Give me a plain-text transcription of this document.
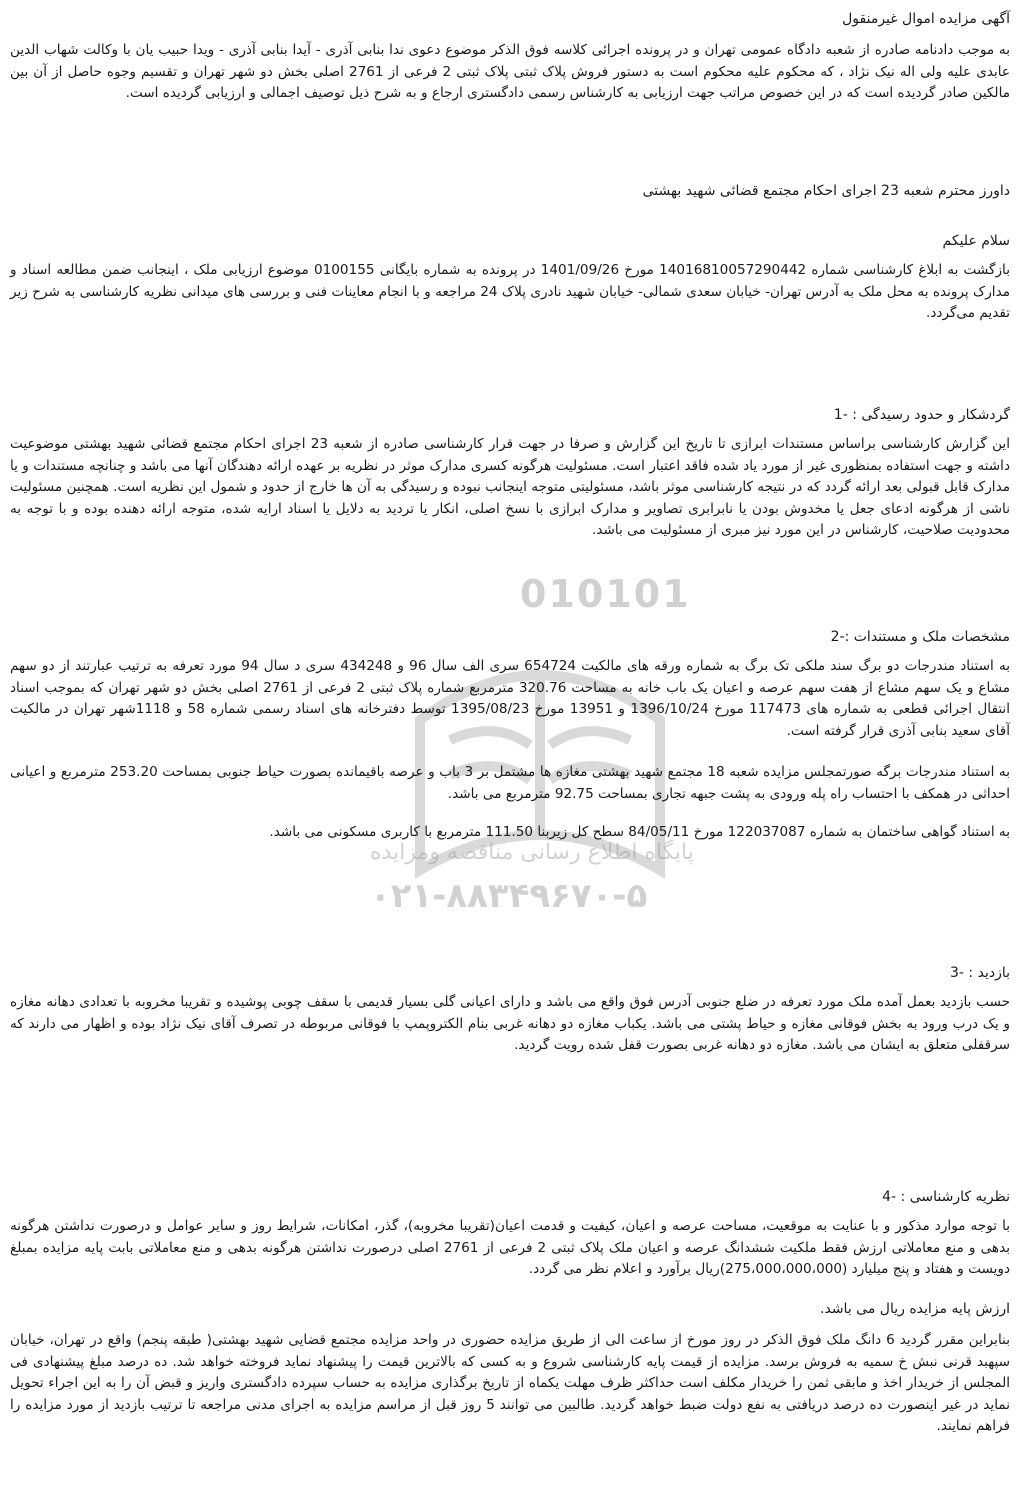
010101
پایگاه اطلاع رسانی مناقصه ومزایده
۰۲۱-۸۸۳۴۹۶۷۰-۵

آگهی مزایده اموال غیرمنقول

به موجب دادنامه صادره از شعبه دادگاه عمومی تهران و در پرونده اجرائی کلاسه فوق الذکر موضوع دعوی ندا بنابی آذری - آیدا بنابی آذری - ویدا حبیب یان با وکالت شهاب الدین عابدی علیه ولی اله نیک نژاد ، که محکوم علیه محکوم است به دستور فروش پلاک ثبتی پلاک ثبتی 2 فرعی از 2761 اصلی بخش دو شهر تهران و تقسیم وجوه حاصل از آن بین مالکین صادر گردیده است که در این خصوص مراتب جهت ارزیابی به کارشناس رسمی دادگستری ارجاع و به شرح ذیل توصیف اجمالی و ارزیابی گردیده است.

داورز محترم شعبه 23 اجرای احکام مجتمع قضائی شهید بهشتی

سلام علیکم

بازگشت به ابلاغ کارشناسی شماره 14016810057290442 مورخ 1401/09/26 در پرونده به شماره بایگانی 0100155 موضوع ارزیابی ملک ، اینجانب ضمن مطالعه اسناد و مدارک پرونده به محل ملک به آدرس تهران- خیابان سعدی شمالی- خیابان شهید نادری پلاک 24 مراجعه و با انجام معاینات فنی و بررسی های میدانی نظریه کارشناسی به شرح زیر تقدیم می‌گردد.

گردشکار و حدود رسیدگی : -1

این گزارش کارشناسی براساس مستندات ابرازی تا تاریخ این گزارش و صرفا در جهت قرار کارشناسی صادره از شعبه 23 اجرای احکام مجتمع قضائی شهید بهشتی موضوعیت داشته و جهت استفاده بمنظوری غیر از مورد یاد شده فاقد اعتبار است. مسئولیت هرگونه کسری مدارک موثر در نظریه بر عهده ارائه دهندگان آنها می باشد و چنانچه مستندات و یا مدارک قابل قبولی بعد ارائه گردد که در نتیجه کارشناسی موثر باشد، مسئولیتی متوجه اینجانب نبوده و رسیدگی به آن ها خارج از حدود و شمول این نظریه است. همچنین مسئولیت ناشی از هرگونه ادعای جعل یا مخدوش بودن یا نابرابری تصاویر و مدارک ابرازی با نسخ اصلی، انکار یا تردید به دلایل یا اسناد ارایه شده، متوجه ارائه دهنده بوده و با توجه به محدودیت صلاحیت، کارشناس در این مورد نیز مبری از مسئولیت می باشد.

مشخصات ملک و مستندات :-2

به استناد مندرجات دو برگ سند ملکی تک برگ به شماره ورقه های مالکیت 654724 سری الف سال 96 و 434248 سری د سال 94 مورد تعرفه به ترتیب عبارتند از دو سهم مشاع و یک سهم مشاع از هفت سهم عرصه و اعیان یک باب خانه به مساحت 320.76 مترمربع شماره پلاک ثبتی 2 فرعی از 2761 اصلی بخش دو شهر تهران که بموجب اسناد انتقال اجرائی قطعی به شماره های 117473 مورخ 1396/10/24 و 13951 مورخ 1395/08/23 توسط دفترخانه های اسناد رسمی شماره 58 و 1118شهر تهران در مالکیت آقای سعید بنابی آذری قرار گرفته است.

به استناد مندرجات برگه صورتمجلس مزایده شعبه 18 مجتمع شهید بهشتی مغازه ها مشتمل بر 3 باب و عرصه باقیمانده بصورت حیاط جنوبی بمساحت 253.20 مترمربع و اعیانی احداثی در همکف با احتساب راه پله ورودی به پشت جبهه تجاری بمساحت 92.75 مترمربع می باشد.

به استناد گواهی ساختمان به شماره 122037087 مورخ 84/05/11 سطح کل زیربنا 111.50 مترمربع با کاربری مسکونی می باشد.

بازدید : -3

حسب بازدید بعمل آمده ملک مورد تعرفه در ضلع جنوبی آدرس فوق واقع می باشد و دارای اعیانی گلی بسیار قدیمی با سقف چوبی پوشیده و تقریبا مخروبه با تعدادی دهانه مغازه و یک درب ورود به بخش فوقانی مغازه و حیاط پشتی می باشد. یکباب مغازه دو دهانه غربی بنام الکتروپمپ با فوقانی مربوطه در تصرف آقای نیک نژاد بوده و اظهار می دارند که سرقفلی متعلق به ایشان می باشد. مغازه دو دهانه غربی بصورت قفل شده رویت گردید.

نظریه کارشناسی : -4

با توجه موارد مذکور و با عنایت به موقعیت، مساحت عرصه و اعیان، کیفیت و قدمت اعیان(تقریبا مخروبه)، گذر، امکانات، شرایط روز و سایر عوامل و درصورت نداشتن هرگونه بدهی و منع معاملاتی ارزش فقط ملکیت ششدانگ عرصه و اعیان ملک پلاک ثبتی 2 فرعی از 2761 اصلی درصورت نداشتن هرگونه بدهی و منع معاملاتی بابت پایه مزایده بمبلغ دویست و هفتاد و پنج میلیارد (275،000،000،000)ریال برآورد و اعلام نظر می گردد.

ارزش پایه مزایده ریال می باشد.

بنابراین مقرر گردید 6 دانگ ملک فوق الذکر در روز مورخ از ساعت الی از طریق مزایده حضوری در واحد مزایده مجتمع قضایی شهید بهشتی( طبقه پنجم) واقع در تهران، خیابان سپهبد قرنی نبش خ سمیه به فروش برسد. مزایده از قیمت پایه کارشناسی شروع و به کسی که بالاترین قیمت را پیشنهاد نماید فروخته خواهد شد. ده درصد مبلغ پیشنهادی فی المجلس از خریدار اخذ و مابقی ثمن را خریدار مکلف است حداکثر ظرف مهلت یکماه از تاریخ برگذاری مزایده به حساب سپرده دادگستری واریز و قبض آن را به این اجراء تحویل نماید در غیر اینصورت ده درصد دریافتی به نفع دولت ضبط خواهد گردید. طالبین می توانند 5 روز قبل از مراسم مزایده به اجرای مدنی مراجعه تا ترتیب بازدید از مورد مزایده را فراهم نمایند.
